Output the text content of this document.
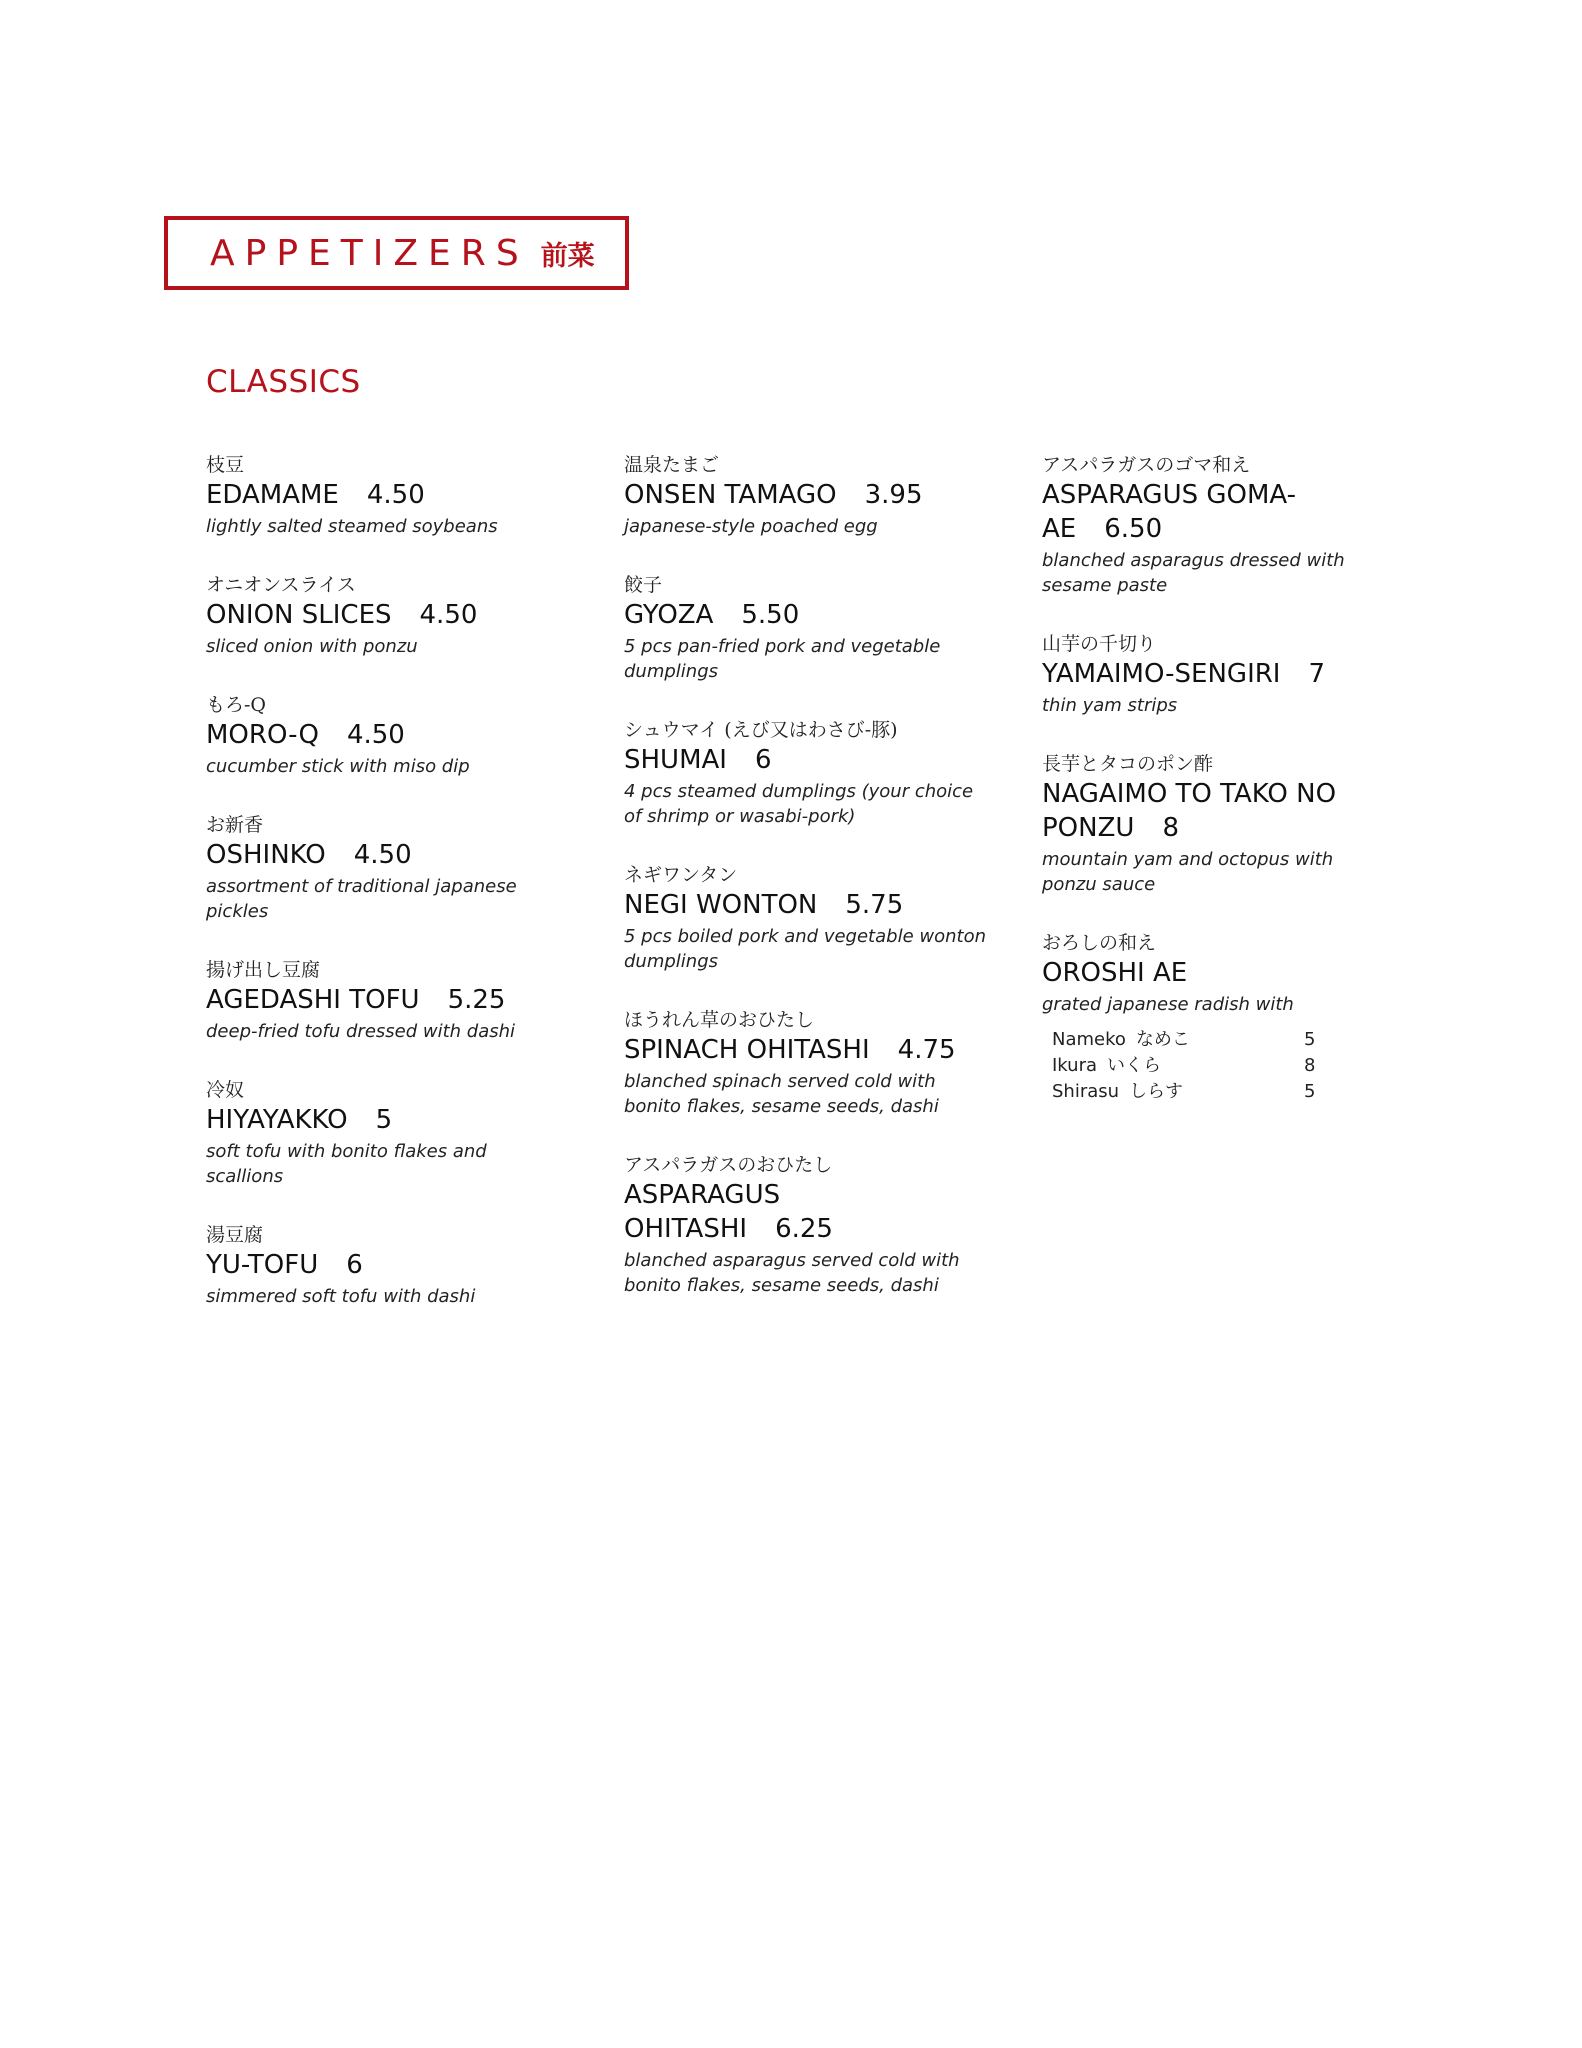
APPETIZERS 前菜
CLASSICS
枝豆
EDAMAME 4.50
lightly salted steamed soybeans
オニオンスライス
ONION SLICES 4.50
sliced onion with ponzu
もろ-Q
MORO-Q 4.50
cucumber stick with miso dip
お新香
OSHINKO 4.50
assortment of traditional japanese pickles
揚げ出し豆腐
AGEDASHI TOFU 5.25
deep-fried tofu dressed with dashi
冷奴
HIYAYAKKO 5
soft tofu with bonito flakes and scallions
湯豆腐
YU-TOFU 6
simmered soft tofu with dashi
温泉たまご
ONSEN TAMAGO 3.95
japanese-style poached egg
餃子
GYOZA 5.50
5 pcs pan-fried pork and vegetable dumplings
シュウマイ (えび又はわさび-豚)
SHUMAI 6
4 pcs steamed dumplings (your choice of shrimp or wasabi-pork)
ネギワンタン
NEGI WONTON 5.75
5 pcs boiled pork and vegetable wonton dumplings
ほうれん草のおひたし
SPINACH OHITASHI 4.75
blanched spinach served cold with bonito flakes, sesame seeds, dashi
アスパラガスのおひたし
ASPARAGUS OHITASHI 6.25
blanched asparagus served cold with bonito flakes, sesame seeds, dashi
アスパラガスのゴマ和え
ASPARAGUS GOMA-AE 6.50
blanched asparagus dressed with sesame paste
山芋の千切り
YAMAIMO-SENGIRI 7
thin yam strips
長芋とタコのポン酢
NAGAIMO TO TAKO NO PONZU 8
mountain yam and octopus with ponzu sauce
おろしの和え
OROSHI AE
grated japanese radish with
Nameko なめこ	5
Ikura いくら	8
Shirasu しらす	5
